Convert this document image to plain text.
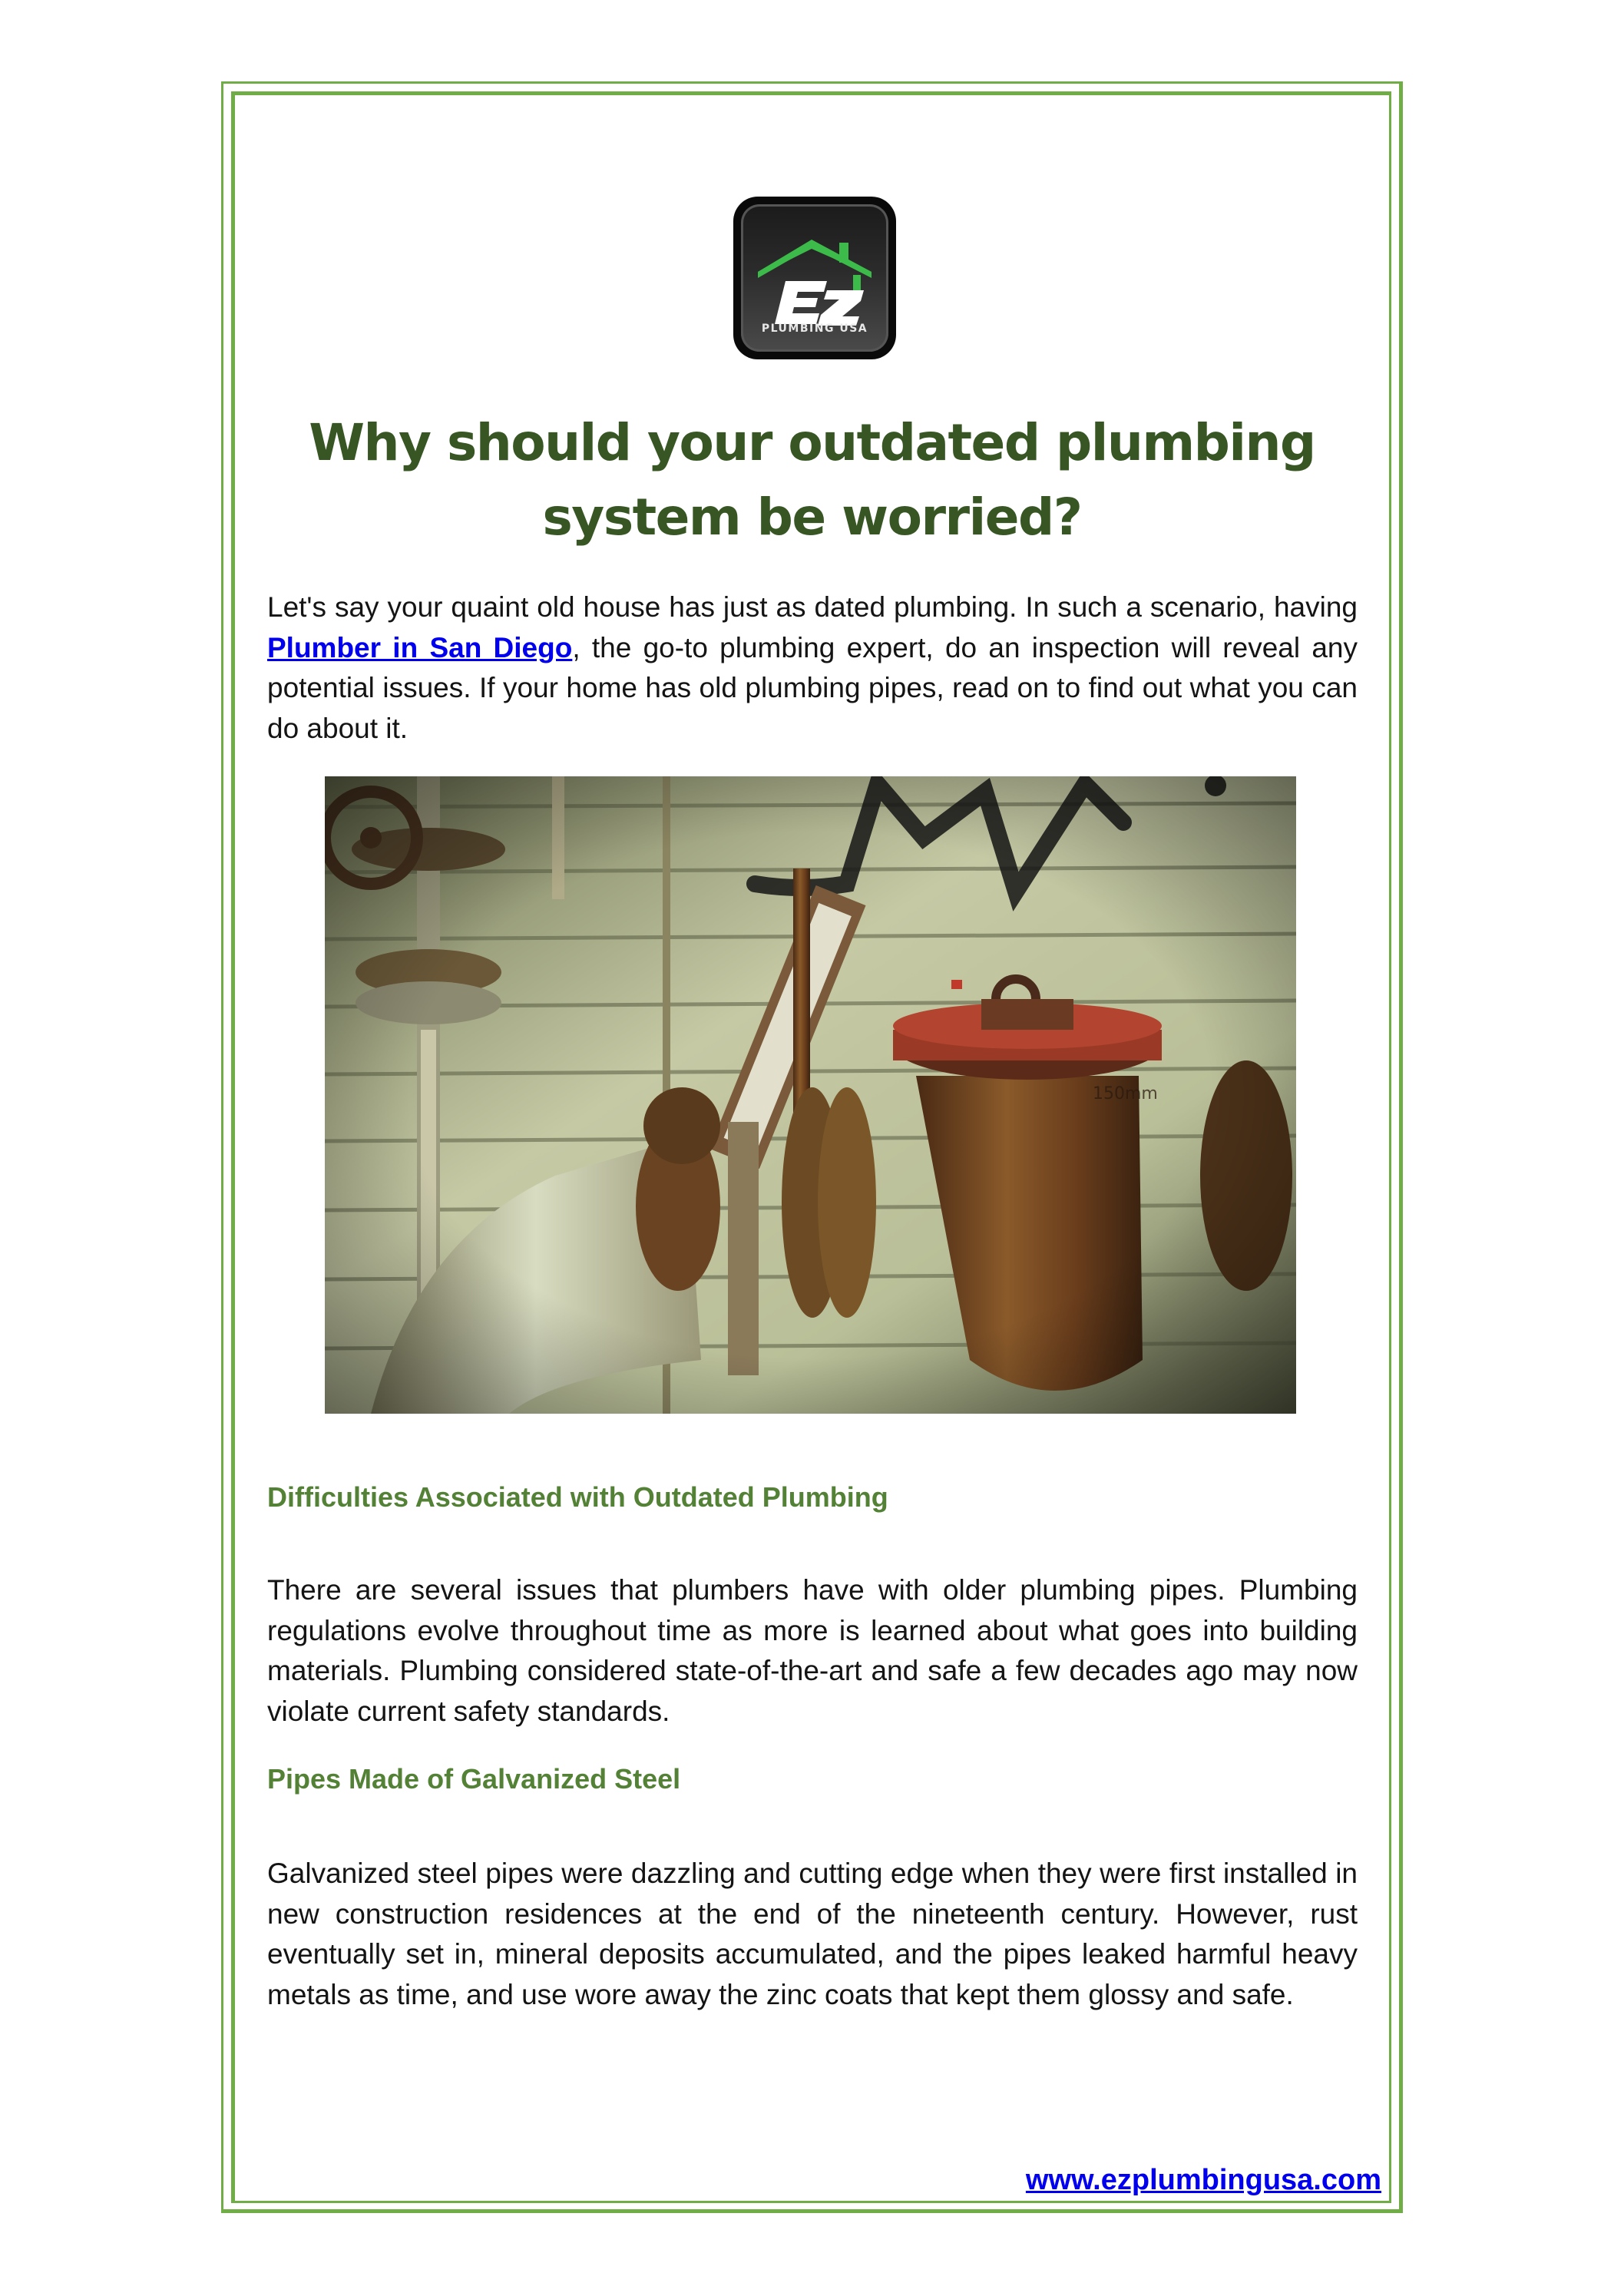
PLUMBING USA
Why should your outdated plumbing system be worried?

Let's say your quaint old house has just as dated plumbing. In such a scenario, having Plumber in San Diego, the go-to plumbing expert, do an inspection will reveal any potential issues. If your home has old plumbing pipes, read on to find out what you can do about it.

Difficulties Associated with Outdated Plumbing

There are several issues that plumbers have with older plumbing pipes. Plumbing regulations evolve throughout time as more is learned about what goes into building materials. Plumbing considered state-of-the-art and safe a few decades ago may now violate current safety standards.

Pipes Made of Galvanized Steel

Galvanized steel pipes were dazzling and cutting edge when they were first installed in new construction residences at the end of the nineteenth century. However, rust eventually set in, mineral deposits accumulated, and the pipes leaked harmful heavy metals as time, and use wore away the zinc coats that kept them glossy and safe.

www.ezplumbingusa.com
